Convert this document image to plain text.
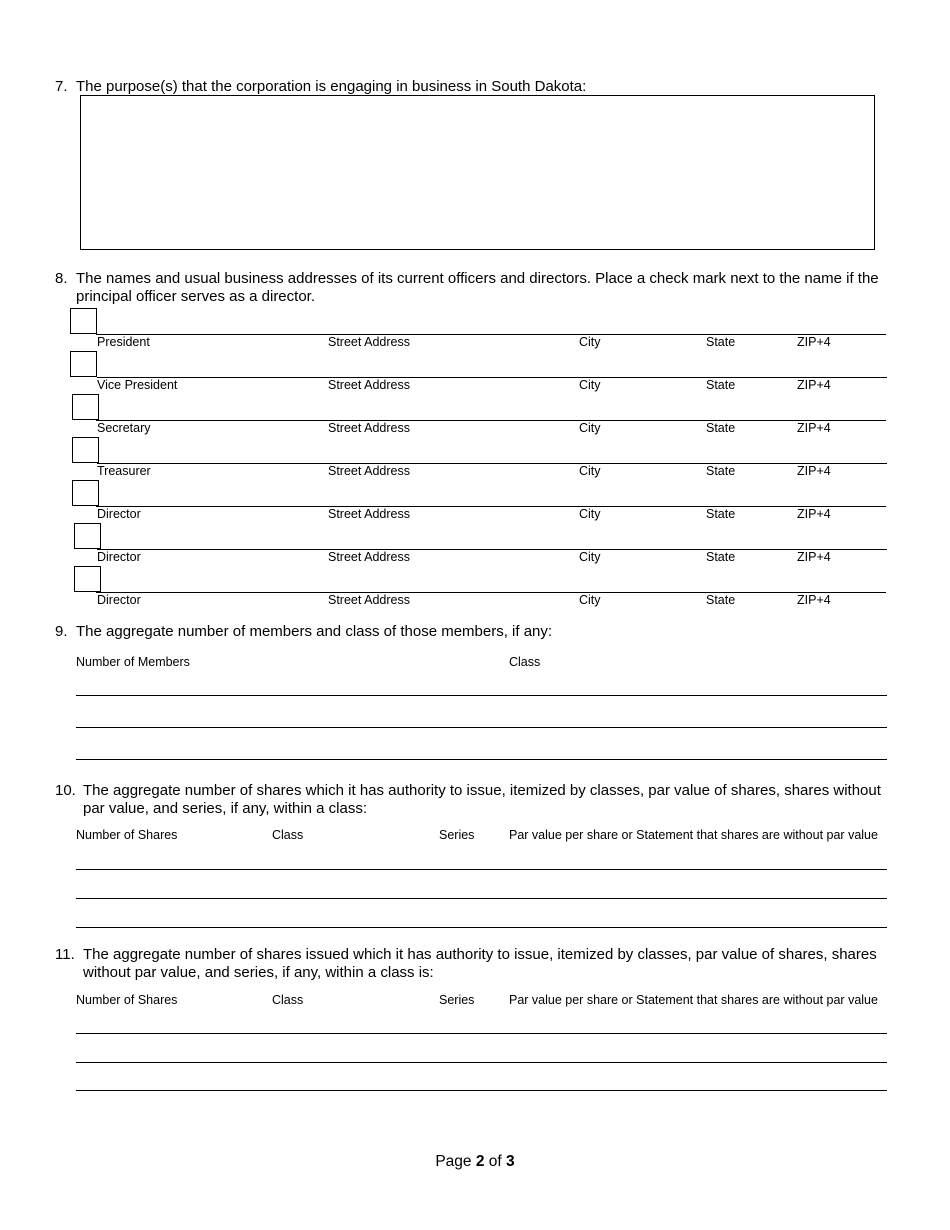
7. The purpose(s) that the corporation is engaging in business in South Dakota:
8. The names and usual business addresses of its current officers and directors. Place a check mark next to the name if the principal officer serves as a director.
President	Street Address	City	State	ZIP+4
Vice President	Street Address	City	State	ZIP+4
Secretary	Street Address	City	State	ZIP+4
Treasurer	Street Address	City	State	ZIP+4
Director	Street Address	City	State	ZIP+4
Director	Street Address	City	State	ZIP+4
Director	Street Address	City	State	ZIP+4
9. The aggregate number of members and class of those members, if any:
Number of Members	Class
10. The aggregate number of shares which it has authority to issue, itemized by classes, par value of shares, shares without par value, and series, if any, within a class:
Number of Shares	Class	Series	Par value per share or Statement that shares are without par value
11. The aggregate number of shares issued which it has authority to issue, itemized by classes, par value of shares, shares without par value, and series, if any, within a class is:
Number of Shares	Class	Series	Par value per share or Statement that shares are without par value
Page 2 of 3
